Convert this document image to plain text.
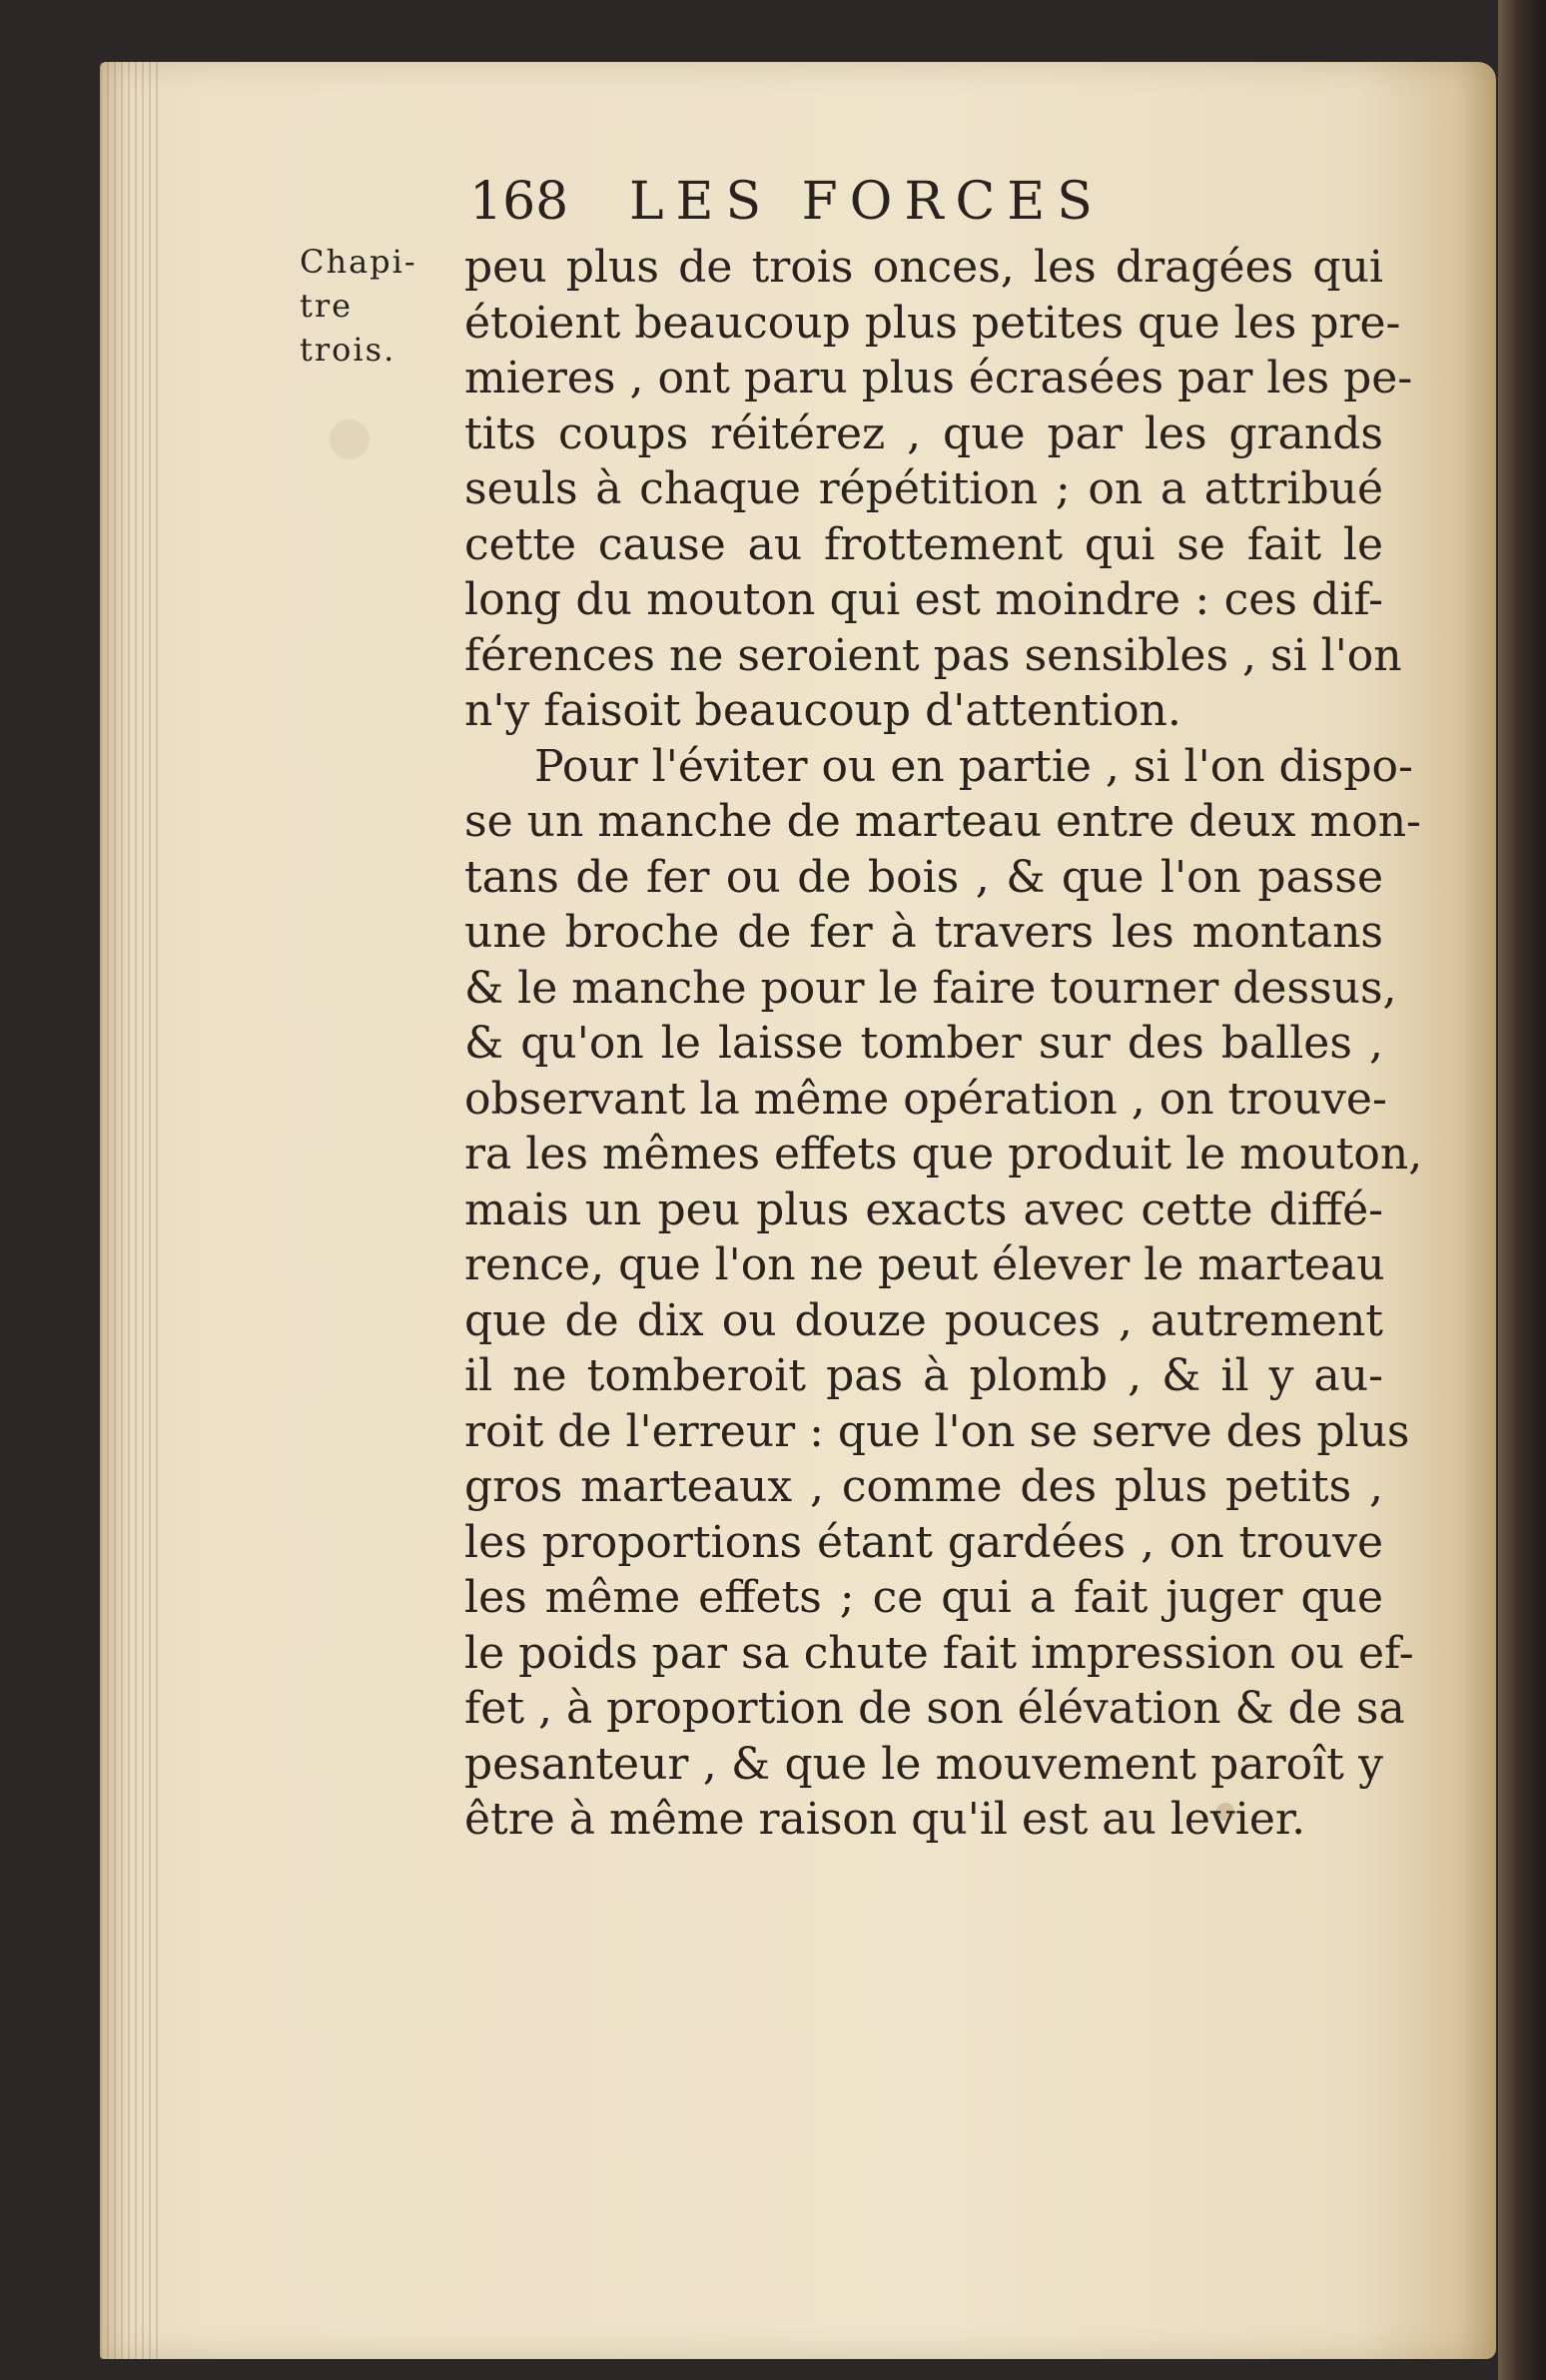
168 LES FORCES
Chapi-
tre
trois.
peu plus de trois onces, les dragées qui
étoient beaucoup plus petites que les pre-
mieres , ont paru plus écrasées par les pe-
tits coups réitérez , que par les grands
seuls à chaque répétition ; on a attribué
cette cause au frottement qui se fait le
long du mouton qui est moindre : ces dif-
férences ne seroient pas sensibles , si l'on
n'y faisoit beaucoup d'attention.
Pour l'éviter ou en partie , si l'on dispo-
se un manche de marteau entre deux mon-
tans de fer ou de bois , & que l'on passe
une broche de fer à travers les montans
& le manche pour le faire tourner dessus,
& qu'on le laisse tomber sur des balles ,
observant la même opération , on trouve-
ra les mêmes effets que produit le mouton,
mais un peu plus exacts avec cette diffé-
rence, que l'on ne peut élever le marteau
que de dix ou douze pouces , autrement
il ne tomberoit pas à plomb , & il y au-
roit de l'erreur : que l'on se serve des plus
gros marteaux , comme des plus petits ,
les proportions étant gardées , on trouve
les même effets ; ce qui a fait juger que
le poids par sa chute fait impression ou ef-
fet , à proportion de son élévation & de sa
pesanteur , & que le mouvement paroît y
être à même raison qu'il est au levier.
